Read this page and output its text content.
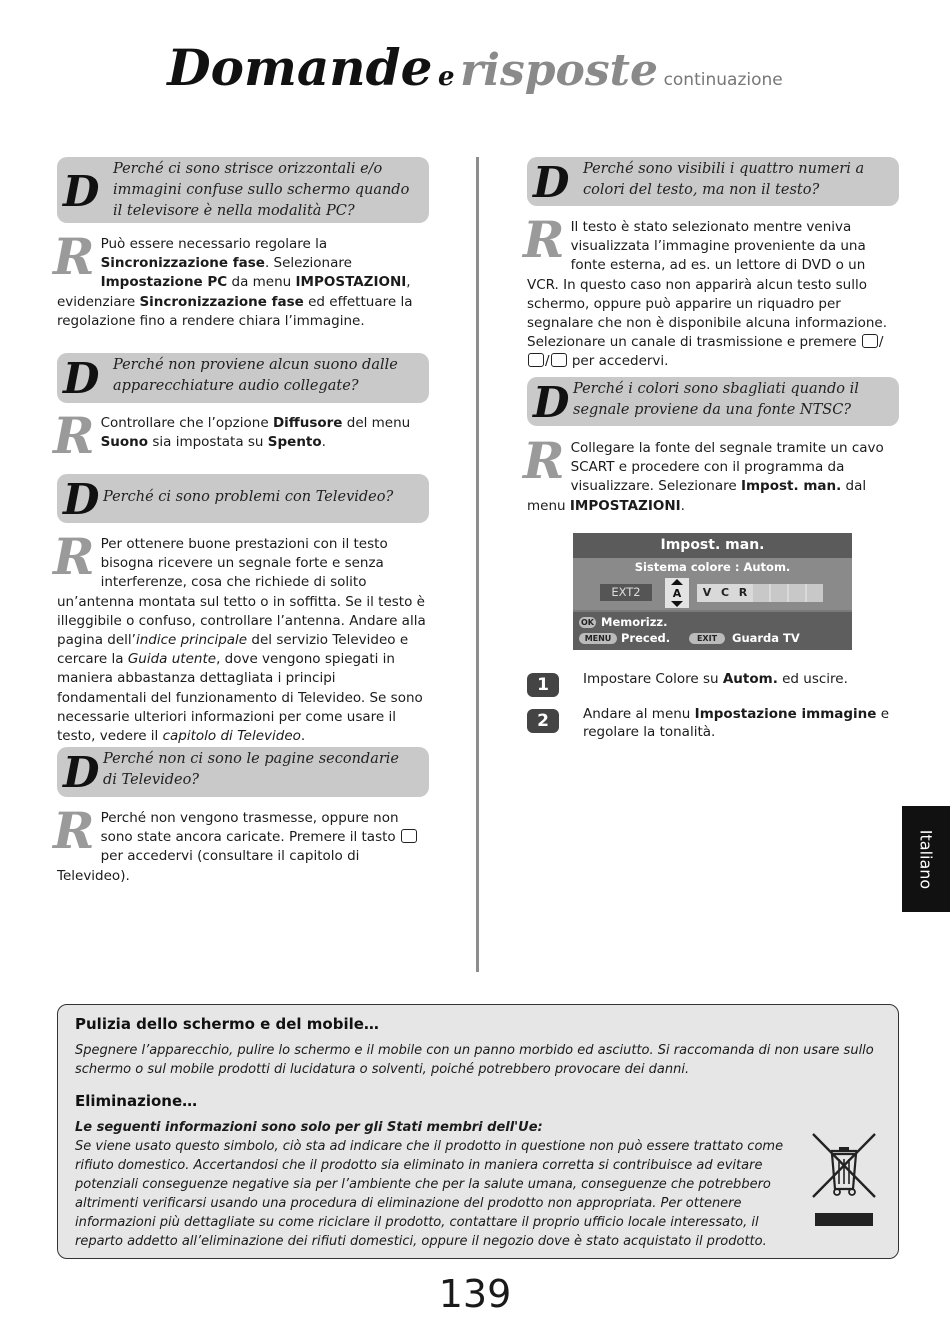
Domande e risposte continuazione
D Perché ci sono strisce orizzontali e/o immagini confuse sullo schermo quando il televisore è nella modalità PC?
R Può essere necessario regolare la Sincronizzazione fase. Selezionare Impostazione PC da menu IMPOSTAZIONI, evidenziare Sincronizzazione fase ed effettuare la regolazione fino a rendere chiara l’immagine.
D Perché non proviene alcun suono dalle apparecchiature audio collegate?
R Controllare che l’opzione Diffusore del menu Suono sia impostata su Spento.
D Perché ci sono problemi con Televideo?
R Per ottenere buone prestazioni con il testo bisogna ricevere un segnale forte e senza interferenze, cosa che richiede di solito un’antenna montata sul tetto o in soffitta. Se il testo è illeggibile o confuso, controllare l’antenna. Andare alla pagina dell’indice principale del servizio Televideo e cercare la Guida utente, dove vengono spiegati in maniera abbastanza dettagliata i principi fondamentali del funzionamento di Televideo. Se sono necessarie ulteriori informazioni per come usare il testo, vedere il capitolo di Televideo.
D Perché non ci sono le pagine secondarie di Televideo?
R Perché non vengono trasmesse, oppure non sono state ancora caricate. Premere il tasto  per accedervi (consultare il capitolo di Televideo).
D Perché sono visibili i quattro numeri a colori del testo, ma non il testo?
R Il testo è stato selezionato mentre veniva visualizzata l’immagine proveniente da una fonte esterna, ad es. un lettore di DVD o un VCR. In questo caso non apparirà alcun testo sullo schermo, oppure può apparire un riquadro per segnalare che non è disponibile alcuna informazione. Selezionare un canale di trasmissione e premere // per accedervi.
D Perché i colori sono sbagliati quando il segnale proviene da una fonte NTSC?
R Collegare la fonte del segnale tramite un cavo SCART e procedere con il programma da visualizzare. Selezionare Impost. man. dal menu IMPOSTAZIONI.
Impost. man.
Sistema colore : Autom.
EXT2	A	V C R
OK Memorizz.
MENU Preced.	EXIT	Guarda TV
1	Impostare Colore su Autom. ed uscire.
2	Andare al menu Impostazione immagine e regolare la tonalità.
Italiano
Pulizia dello schermo e del mobile…
Spegnere l’apparecchio, pulire lo schermo e il mobile con un panno morbido ed asciutto. Si raccomanda di non usare sullo schermo o sul mobile prodotti di lucidatura o solventi, poiché potrebbero provocare dei danni.
Eliminazione…
Le seguenti informazioni sono solo per gli Stati membri dell'Ue:
Se viene usato questo simbolo, ciò sta ad indicare che il prodotto in questione non può essere trattato come rifiuto domestico. Accertandosi che il prodotto sia eliminato in maniera corretta si contribuisce ad evitare potenziali conseguenze negative sia per l’ambiente che per la salute umana, conseguenze che potrebbero altrimenti verificarsi usando una procedura di eliminazione del prodotto non appropriata. Per ottenere informazioni più dettagliate su come riciclare il prodotto, contattare il proprio ufficio locale interessato, il reparto addetto all’eliminazione dei rifiuti domestici, oppure il negozio dove è stato acquistato il prodotto.
139
